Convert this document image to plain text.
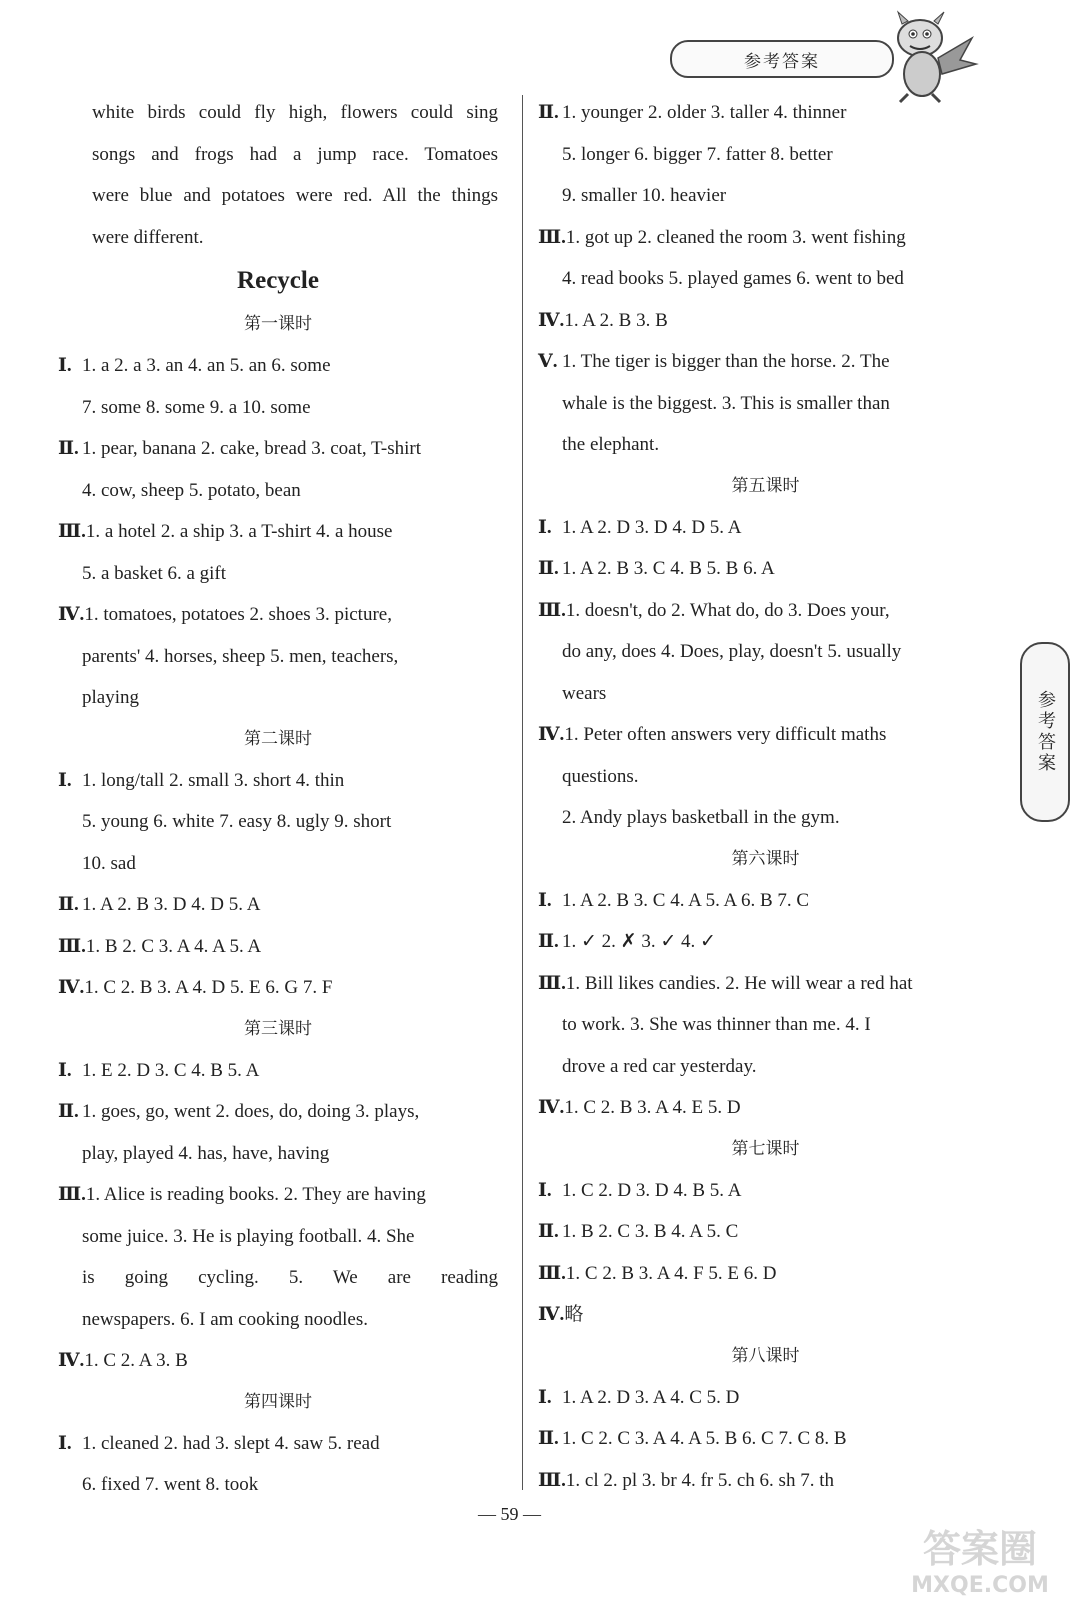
参考答案
white birds could fly high, flowers could sing
songs and frogs had a jump race. Tomatoes
were blue and potatoes were red. All the things
were different.
Recycle
第一课时
Ⅰ. 1. a 2. a 3. an 4. an 5. an 6. some
7. some 8. some 9. a 10. some
Ⅱ. 1. pear, banana 2. cake, bread 3. coat, T-shirt
4. cow, sheep 5. potato, bean
Ⅲ.1. a hotel 2. a ship 3. a T-shirt 4. a house
5. a basket 6. a gift
Ⅳ.1. tomatoes, potatoes 2. shoes 3. picture,
parents' 4. horses, sheep 5. men, teachers,
playing
第二课时
Ⅰ. 1. long/tall 2. small 3. short 4. thin
5. young 6. white 7. easy 8. ugly 9. short
10. sad
Ⅱ. 1. A 2. B 3. D 4. D 5. A
Ⅲ.1. B 2. C 3. A 4. A 5. A
Ⅳ.1. C 2. B 3. A 4. D 5. E 6. G 7. F
第三课时
Ⅰ. 1. E 2. D 3. C 4. B 5. A
Ⅱ. 1. goes, go, went 2. does, do, doing 3. plays,
play, played 4. has, have, having
Ⅲ.1. Alice is reading books. 2. They are having
some juice. 3. He is playing football. 4. She
is going cycling. 5. We are reading
newspapers. 6. I am cooking noodles.
Ⅳ.1. C 2. A 3. B
第四课时
Ⅰ. 1. cleaned 2. had 3. slept 4. saw 5. read
6. fixed 7. went 8. took
Ⅱ. 1. younger 2. older 3. taller 4. thinner
5. longer 6. bigger 7. fatter 8. better
9. smaller 10. heavier
Ⅲ.1. got up 2. cleaned the room 3. went fishing
4. read books 5. played games 6. went to bed
Ⅳ.1. A 2. B 3. B
Ⅴ. 1. The tiger is bigger than the horse. 2. The
whale is the biggest. 3. This is smaller than
the elephant.
第五课时
Ⅰ. 1. A 2. D 3. D 4. D 5. A
Ⅱ. 1. A 2. B 3. C 4. B 5. B 6. A
Ⅲ.1. doesn't, do 2. What do, do 3. Does your,
do any, does 4. Does, play, doesn't 5. usually
wears
Ⅳ.1. Peter often answers very difficult maths
questions.
2. Andy plays basketball in the gym.
第六课时
Ⅰ. 1. A 2. B 3. C 4. A 5. A 6. B 7. C
Ⅱ. 1. ✓ 2. ✗ 3. ✓ 4. ✓
Ⅲ.1. Bill likes candies. 2. He will wear a red hat
to work. 3. She was thinner than me. 4. I
drove a red car yesterday.
Ⅳ.1. C 2. B 3. A 4. E 5. D
第七课时
Ⅰ. 1. C 2. D 3. D 4. B 5. A
Ⅱ. 1. B 2. C 3. B 4. A 5. C
Ⅲ.1. C 2. B 3. A 4. F 5. E 6. D
Ⅳ.略
第八课时
Ⅰ. 1. A 2. D 3. A 4. C 5. D
Ⅱ. 1. C 2. C 3. A 4. A 5. B 6. C 7. C 8. B
Ⅲ.1. cl 2. pl 3. br 4. fr 5. ch 6. sh 7. th
参考答案
— 59 —
答案圈
MXQE.COM
